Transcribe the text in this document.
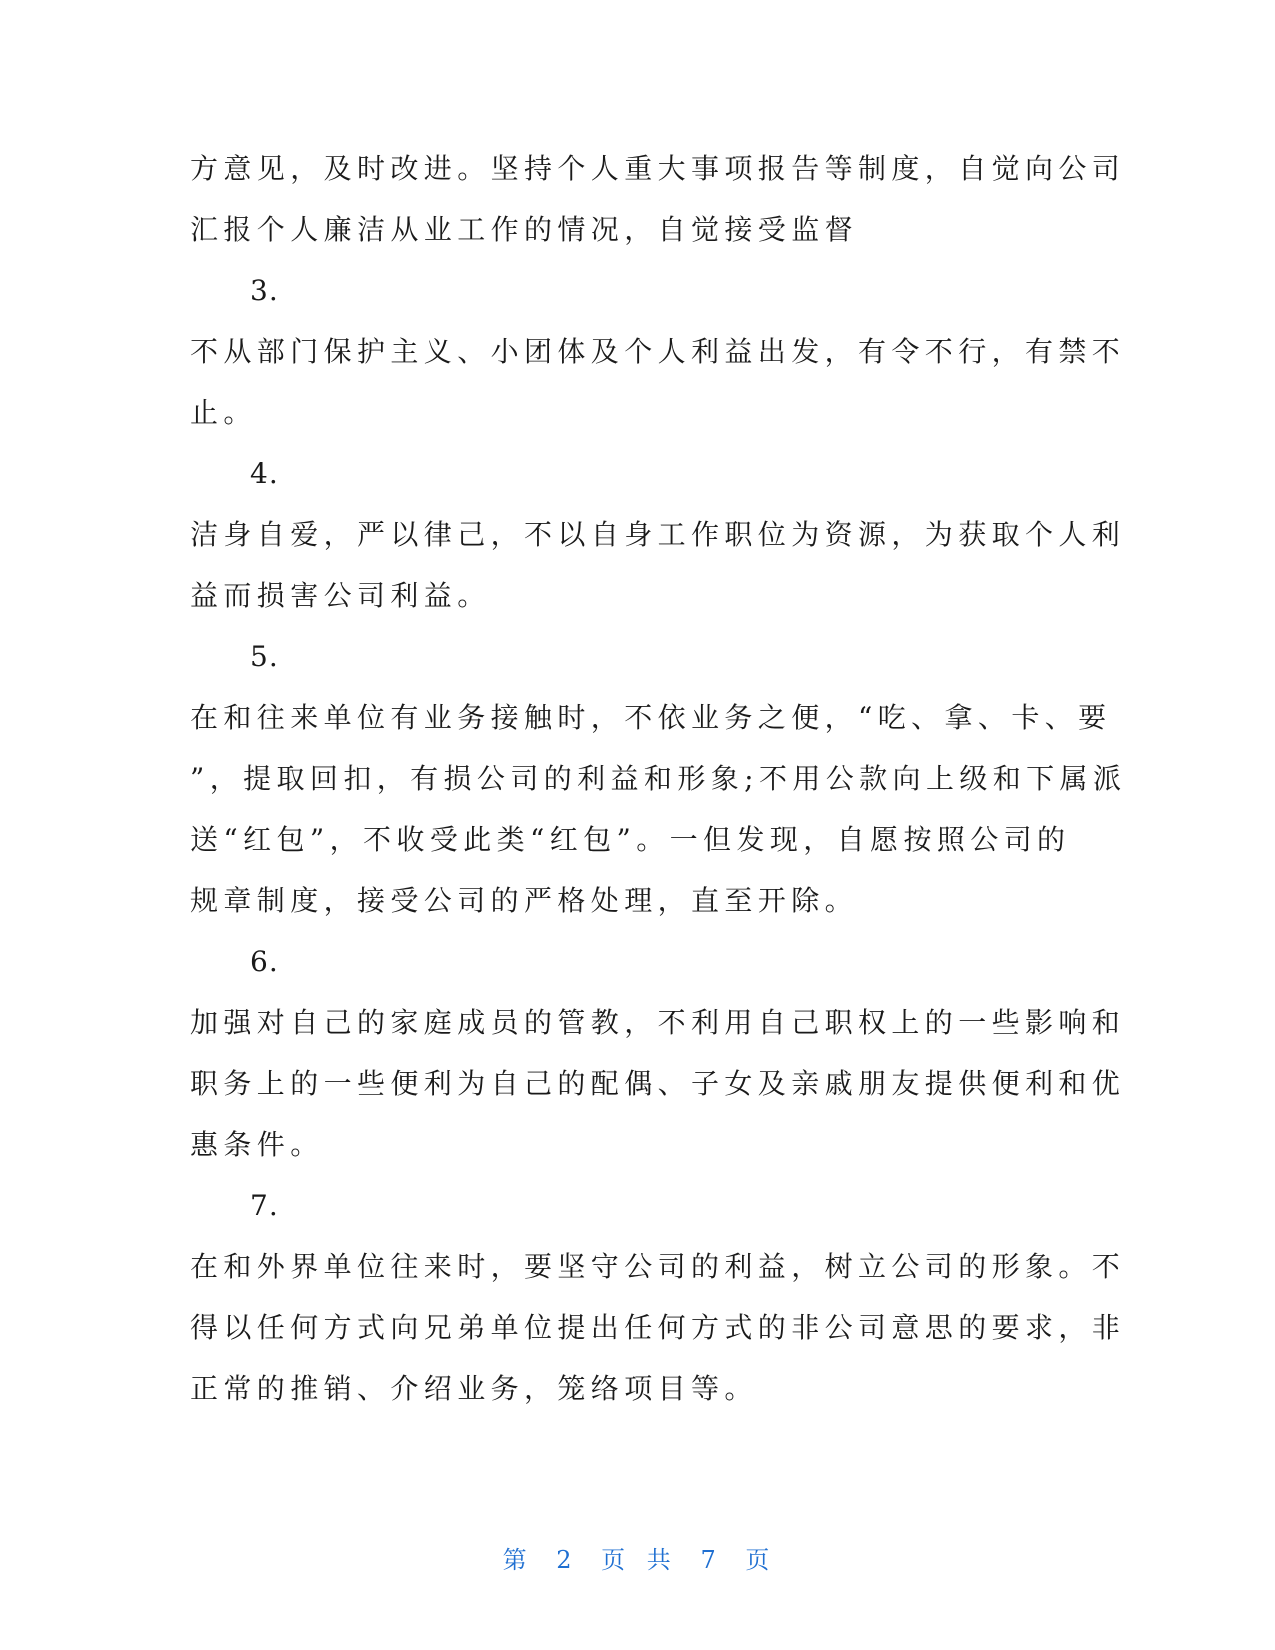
方意见，及时改进。坚持个人重大事项报告等制度，自觉向公司
汇报个人廉洁从业工作的情况，自觉接受监督
3.
不从部门保护主义、小团体及个人利益出发，有令不行，有禁不
止。
4.
洁身自爱，严以律己，不以自身工作职位为资源，为获取个人利
益而损害公司利益。
5.
在和往来单位有业务接触时，不依业务之便，“吃、拿、卡、要
”，提取回扣，有损公司的利益和形象;不用公款向上级和下属派
送“红包”，不收受此类“红包”。一但发现，自愿按照公司的
规章制度，接受公司的严格处理，直至开除。
6.
加强对自己的家庭成员的管教，不利用自己职权上的一些影响和
职务上的一些便利为自己的配偶、子女及亲戚朋友提供便利和优
惠条件。
7.
在和外界单位往来时，要坚守公司的利益，树立公司的形象。不
得以任何方式向兄弟单位提出任何方式的非公司意思的要求，非
正常的推销、介绍业务，笼络项目等。
第 2 页 共 7 页
